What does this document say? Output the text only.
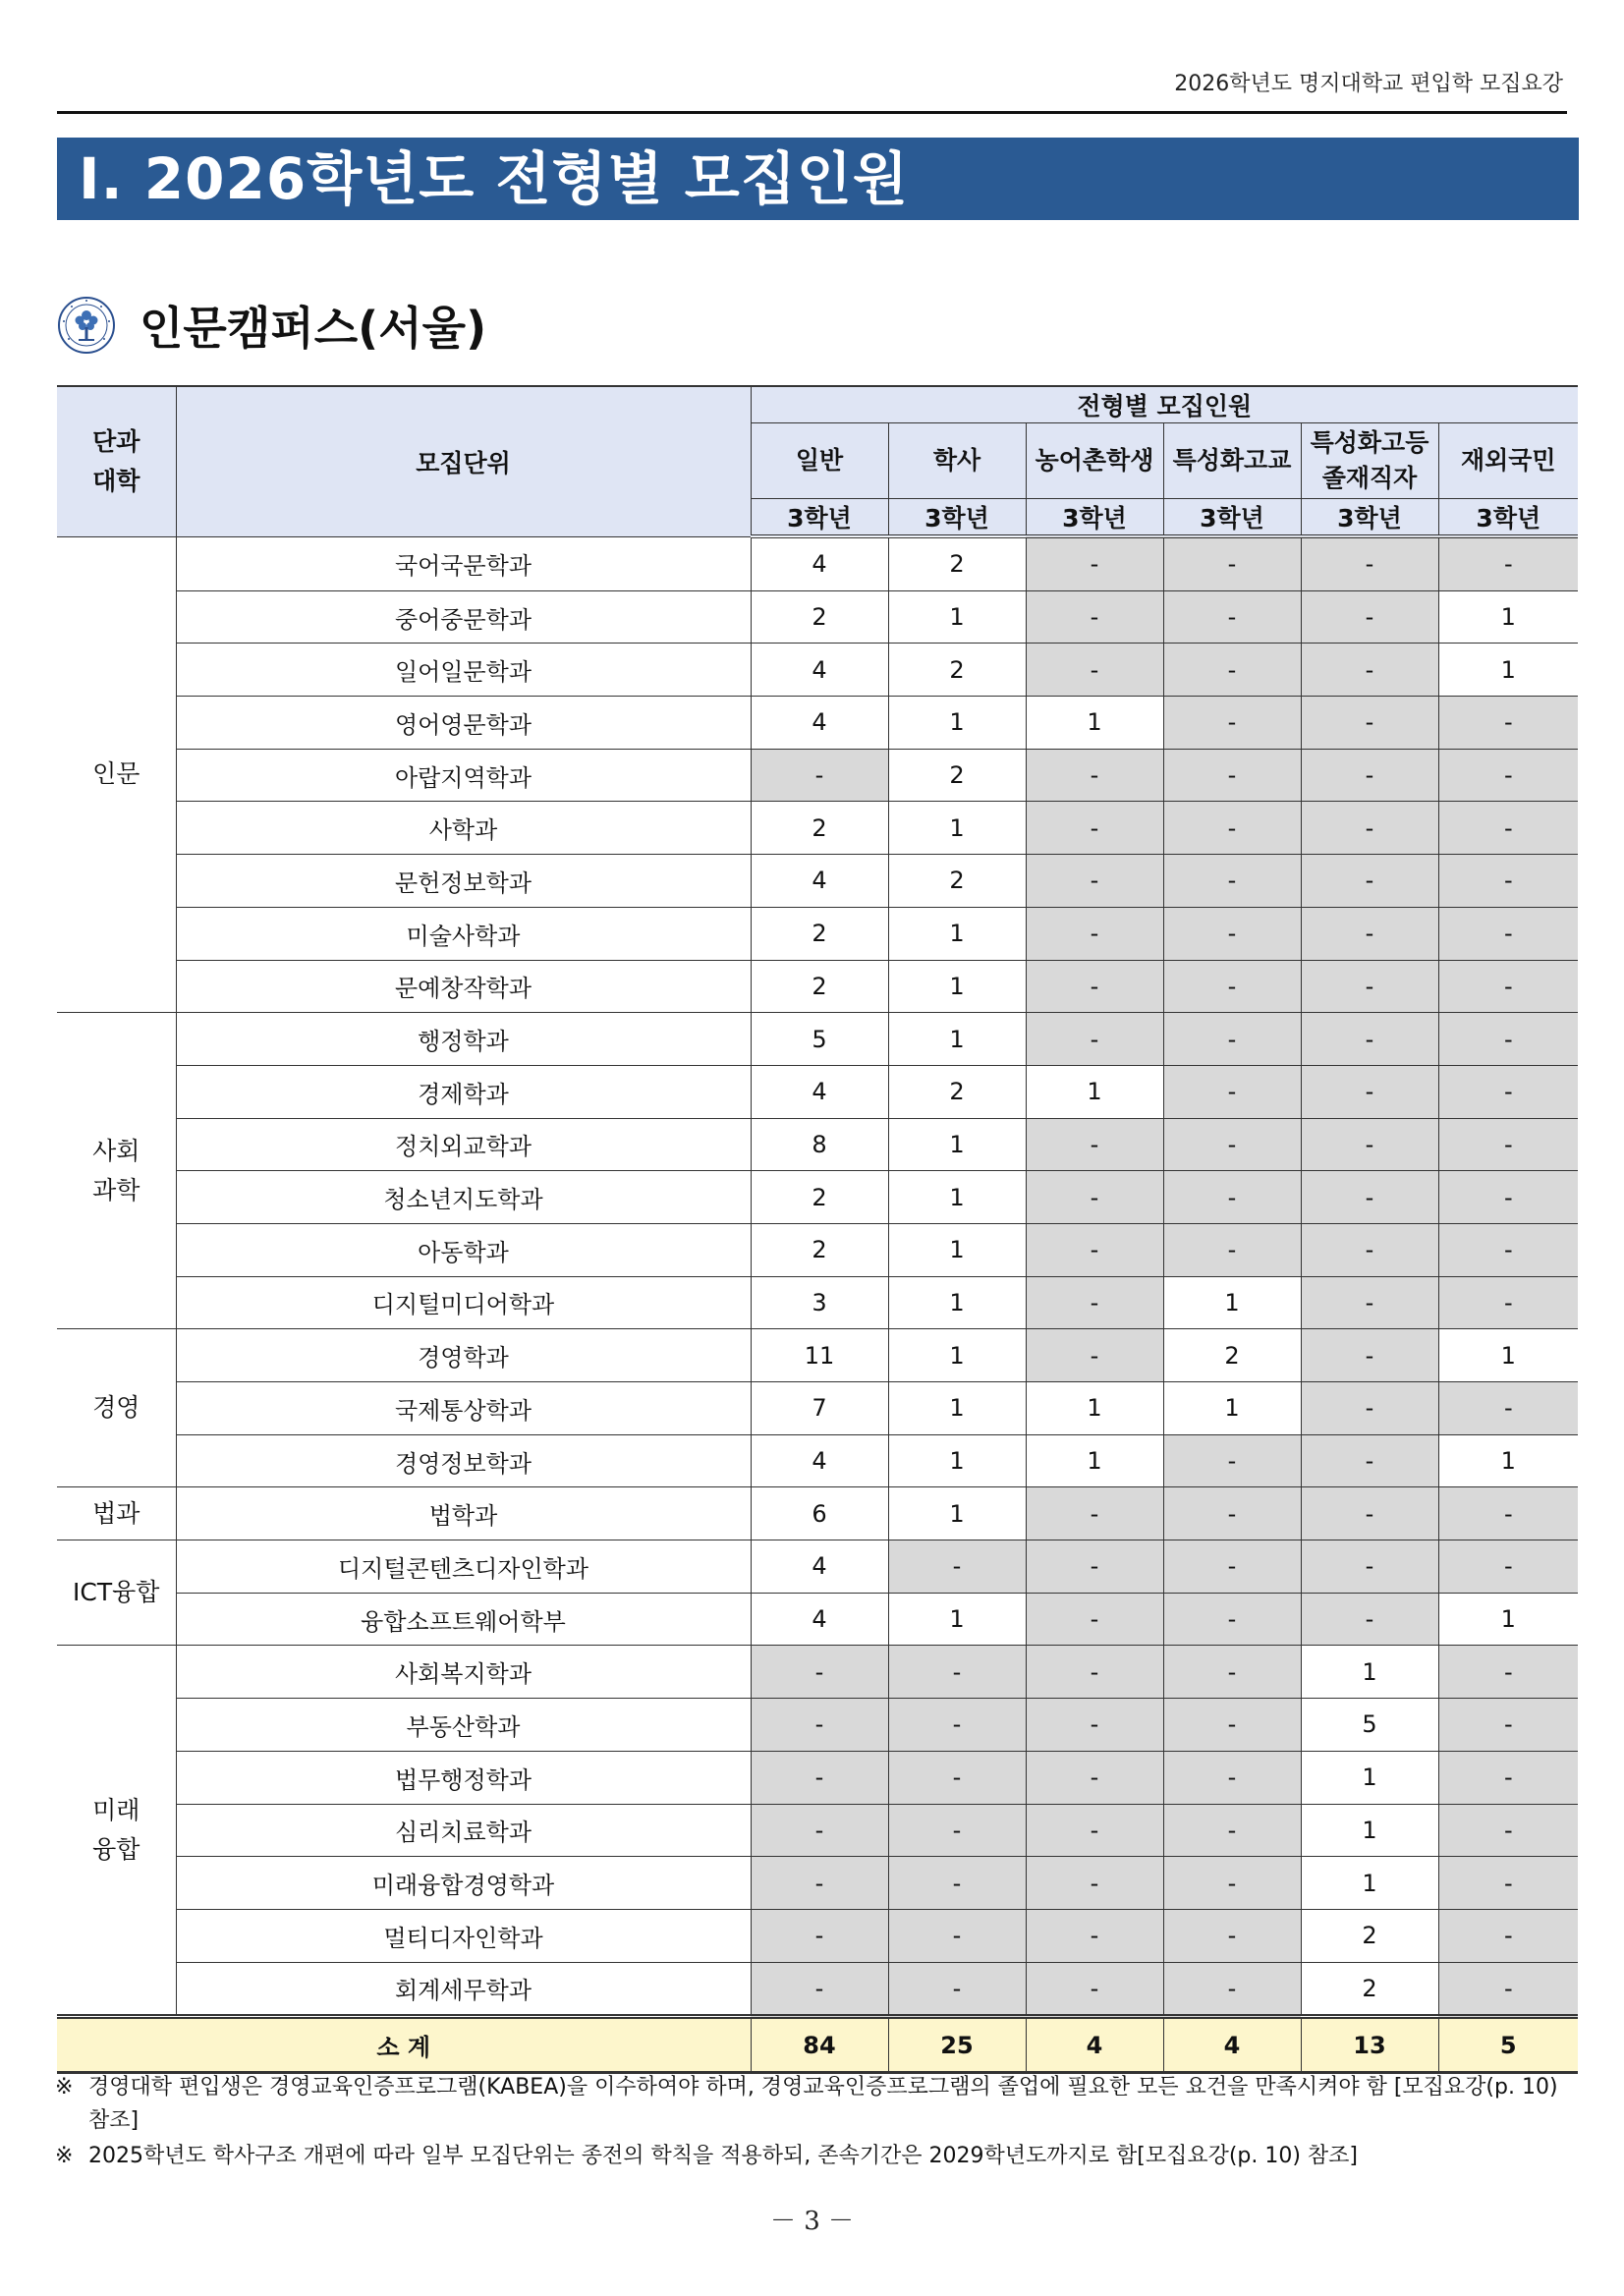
2026학년도 명지대학교 편입학 모집요강
Ⅰ. 2026학년도 전형별 모집인원
인문캠퍼스(서울)
단과
대학	모집단위	전형별 모집인원					
		일반	학사	농어촌학생	특성화고교	특성화고등
졸재직자	재외국민
		3학년	3학년	3학년	3학년	3학년	3학년
인문	국어국문학과	4	2	-	-	-	-
	중어중문학과	2	1	-	-	-	1
	일어일문학과	4	2	-	-	-	1
	영어영문학과	4	1	1	-	-	-
	아랍지역학과	-	2	-	-	-	-
	사학과	2	1	-	-	-	-
	문헌정보학과	4	2	-	-	-	-
	미술사학과	2	1	-	-	-	-
	문예창작학과	2	1	-	-	-	-
사회
과학	행정학과	5	1	-	-	-	-
	경제학과	4	2	1	-	-	-
	정치외교학과	8	1	-	-	-	-
	청소년지도학과	2	1	-	-	-	-
	아동학과	2	1	-	-	-	-
	디지털미디어학과	3	1	-	1	-	-
경영	경영학과	11	1	-	2	-	1
	국제통상학과	7	1	1	1	-	-
	경영정보학과	4	1	1	-	-	1
법과	법학과	6	1	-	-	-	-
ICT융합	디지털콘텐츠디자인학과	4	-	-	-	-	-
	융합소프트웨어학부	4	1	-	-	-	1
미래
융합	사회복지학과	-	-	-	-	1	-
	부동산학과	-	-	-	-	5	-
	법무행정학과	-	-	-	-	1	-
	심리치료학과	-	-	-	-	1	-
	미래융합경영학과	-	-	-	-	1	-
	멀티디자인학과	-	-	-	-	2	-
	회계세무학과	-	-	-	-	2	-
소 계		84	25	4	4	13	5
※ 경영대학 편입생은 경영교육인증프로그램(KABEA)을 이수하여야 하며, 경영교육인증프로그램의 졸업에 필요한 모든 요건을 만족시켜야 함 [모집요강(p. 10) 참조]
※ 2025학년도 학사구조 개편에 따라 일부 모집단위는 종전의 학칙을 적용하되, 존속기간은 2029학년도까지로 함[모집요강(p. 10) 참조]
－ 3 －
